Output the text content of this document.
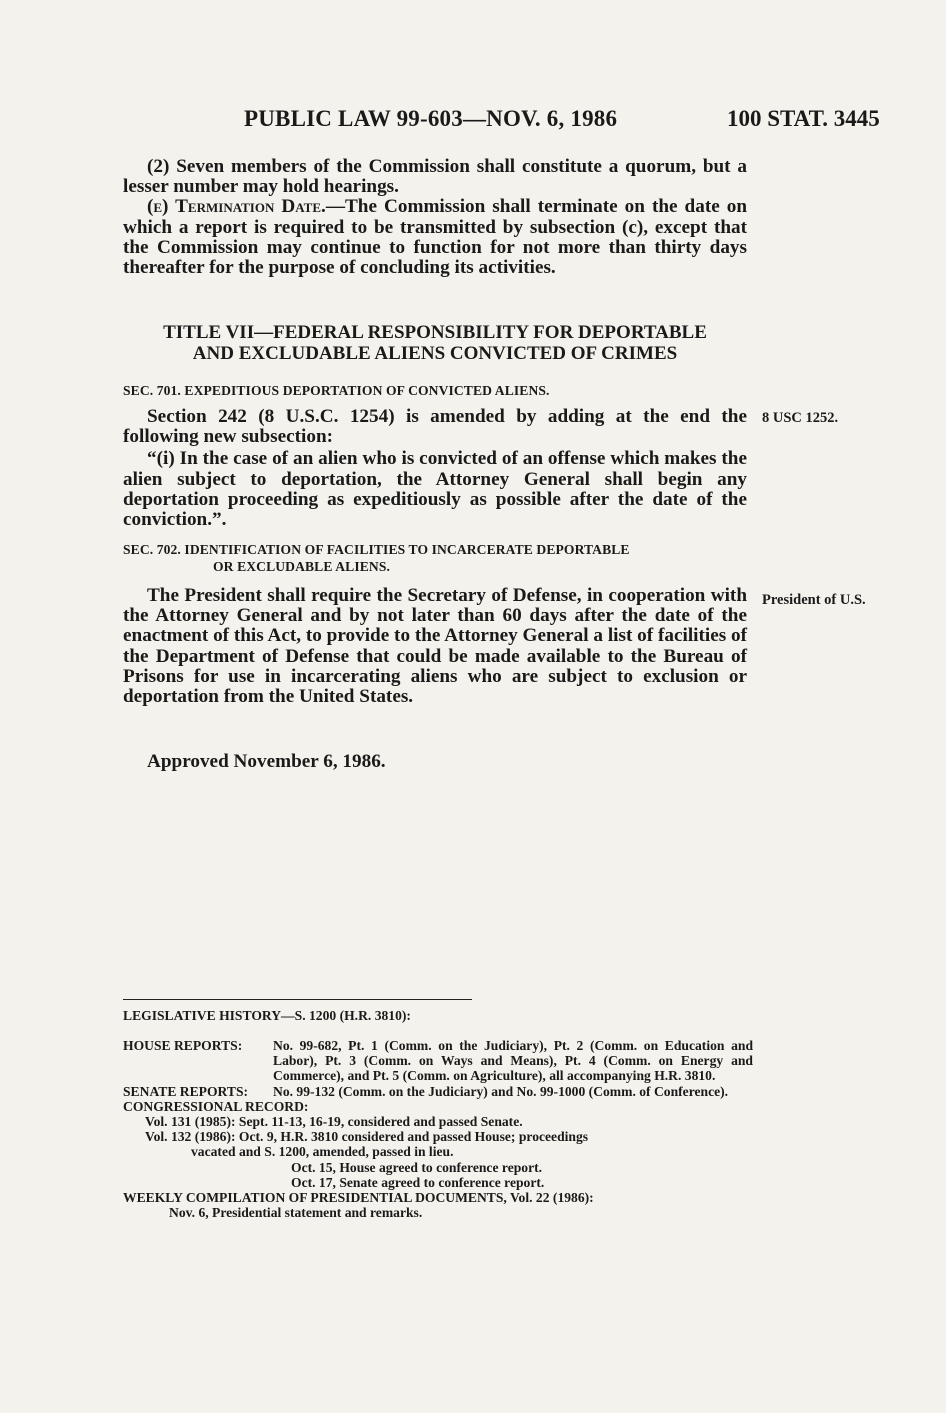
PUBLIC LAW 99-603—NOV. 6, 1986	100 STAT. 3445

(2) Seven members of the Commission shall constitute a quorum, but a lesser number may hold hearings.

(e) Termination Date.—The Commission shall terminate on the date on which a report is required to be transmitted by subsection (c), except that the Commission may continue to function for not more than thirty days thereafter for the purpose of concluding its activities.

TITLE VII—FEDERAL RESPONSIBILITY FOR DEPORTABLE
AND EXCLUDABLE ALIENS CONVICTED OF CRIMES
SEC. 701. EXPEDITIOUS DEPORTATION OF CONVICTED ALIENS.

Section 242 (8 U.S.C. 1254) is amended by adding at the end the following new subsection:

“(i) In the case of an alien who is convicted of an offense which makes the alien subject to deportation, the Attorney General shall begin any deportation proceeding as expeditiously as possible after the date of the conviction.”.

SEC. 702. IDENTIFICATION OF FACILITIES TO INCARCERATE DEPORTABLE
OR EXCLUDABLE ALIENS.

The President shall require the Secretary of Defense, in cooperation with the Attorney General and by not later than 60 days after the date of the enactment of this Act, to provide to the Attorney General a list of facilities of the Department of Defense that could be made available to the Bureau of Prisons for use in incarcerating aliens who are subject to exclusion or deportation from the United States.

Approved November 6, 1986.

8 USC 1252.
President of U.S.
LEGISLATIVE HISTORY—S. 1200 (H.R. 3810):
HOUSE REPORTS: No. 99-682, Pt. 1 (Comm. on the Judiciary), Pt. 2 (Comm. on Education and Labor), Pt. 3 (Comm. on Ways and Means), Pt. 4 (Comm. on Energy and Commerce), and Pt. 5 (Comm. on Agriculture), all accompanying H.R. 3810.
SENATE REPORTS: No. 99-132 (Comm. on the Judiciary) and No. 99-1000 (Comm. of Conference).
CONGRESSIONAL RECORD:
Vol. 131 (1985): Sept. 11-13, 16-19, considered and passed Senate.
Vol. 132 (1986): Oct. 9, H.R. 3810 considered and passed House; proceedings
vacated and S. 1200, amended, passed in lieu.
Oct. 15, House agreed to conference report.
Oct. 17, Senate agreed to conference report.
WEEKLY COMPILATION OF PRESIDENTIAL DOCUMENTS, Vol. 22 (1986):
Nov. 6, Presidential statement and remarks.
